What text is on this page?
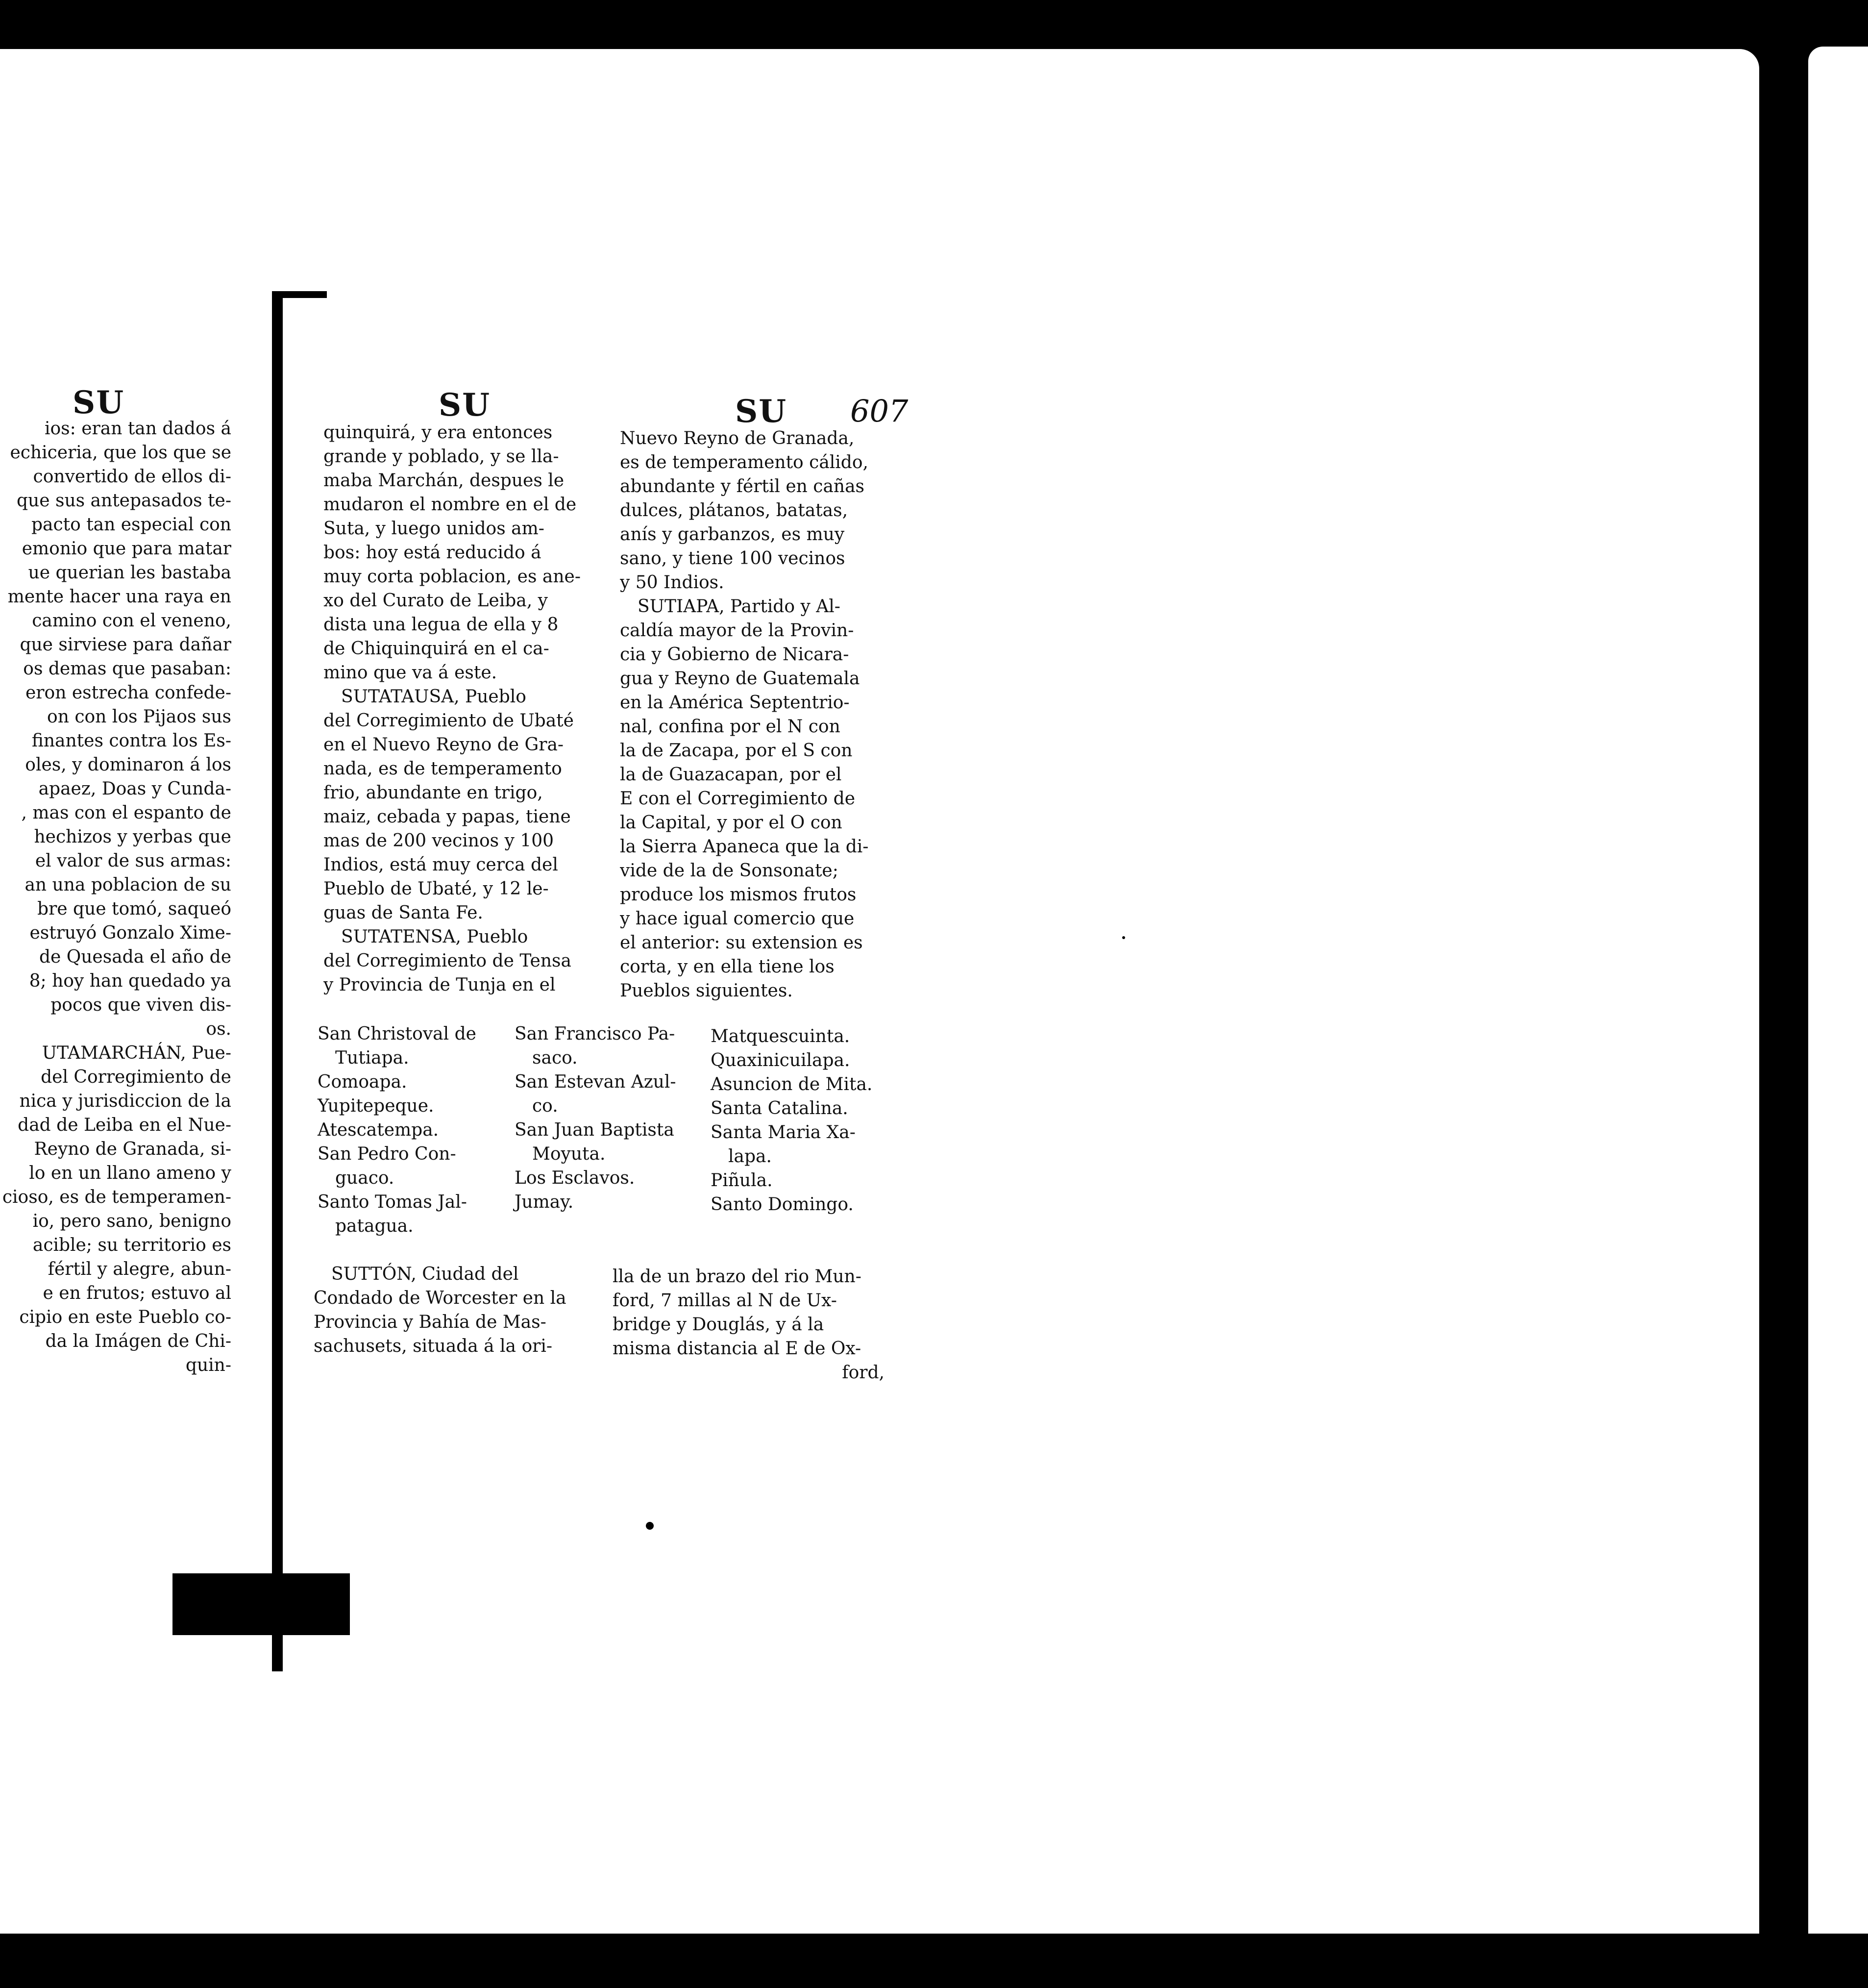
SU	SU	SU 607
ios: eran tan dados á
echiceria, que los que se
convertido de ellos di-
que sus antepasados te-
pacto tan especial con
emonio que para matar
ue querian les bastaba
mente hacer una raya en
camino con el veneno,
que sirviese para dañar
os demas que pasaban:
eron estrecha confede-
on con los Pijaos sus
finantes contra los Es-
oles, y dominaron á los
apaez, Doas y Cunda-
, mas con el espanto de
hechizos y yerbas que
el valor de sus armas:
an una poblacion de su
bre que tomó, saqueó
estruyó Gonzalo Xime-
de Quesada el año de
8; hoy han quedado ya
pocos que viven dis-
os.
UTAMARCHÁN, Pue-
del Corregimiento de
nica y jurisdiccion de la
dad de Leiba en el Nue-
Reyno de Granada, si-
lo en un llano ameno y
cioso, es de temperamen-
io, pero sano, benigno
acible; su territorio es
fértil y alegre, abun-
e en frutos; estuvo al
cipio en este Pueblo co-
da la Imágen de Chi-
quin-
quinquirá, y era entonces
grande y poblado, y se lla-
maba Marchán, despues le
mudaron el nombre en el de
Suta, y luego unidos am-
bos: hoy está reducido á
muy corta poblacion, es ane-
xo del Curato de Leiba, y
dista una legua de ella y 8
de Chiquinquirá en el ca-
mino que va á este.
SUTATAUSA, Pueblo
del Corregimiento de Ubaté
en el Nuevo Reyno de Gra-
nada, es de temperamento
frio, abundante en trigo,
maiz, cebada y papas, tiene
mas de 200 vecinos y 100
Indios, está muy cerca del
Pueblo de Ubaté, y 12 le-
guas de Santa Fe.
SUTATENSA, Pueblo
del Corregimiento de Tensa
y Provincia de Tunja en el
Nuevo Reyno de Granada,
es de temperamento cálido,
abundante y fértil en cañas
dulces, plátanos, batatas,
anís y garbanzos, es muy
sano, y tiene 100 vecinos
y 50 Indios.
SUTIAPA, Partido y Al-
caldía mayor de la Provin-
cia y Gobierno de Nicara-
gua y Reyno de Guatemala
en la América Septentrio-
nal, confina por el N con
la de Zacapa, por el S con
la de Guazacapan, por el
E con el Corregimiento de
la Capital, y por el O con
la Sierra Apaneca que la di-
vide de la de Sonsonate;
produce los mismos frutos
y hace igual comercio que
el anterior: su extension es
corta, y en ella tiene los
Pueblos siguientes.
San Christoval de
Tutiapa.
Comoapa.
Yupitepeque.
Atescatempa.
San Pedro Con-
guaco.
Santo Tomas Jal-
patagua.
San Francisco Pa-
saco.
San Estevan Azul-
co.
San Juan Baptista
Moyuta.
Los Esclavos.
Jumay.
Matquescuinta.
Quaxinicuilapa.
Asuncion de Mita.
Santa Catalina.
Santa Maria Xa-
lapa.
Piñula.
Santo Domingo.
SUTTÓN, Ciudad del
Condado de Worcester en la
Provincia y Bahía de Mas-
sachusets, situada á la ori-
lla de un brazo del rio Mun-
ford, 7 millas al N de Ux-
bridge y Douglás, y á la
misma distancia al E de Ox-
ford,
